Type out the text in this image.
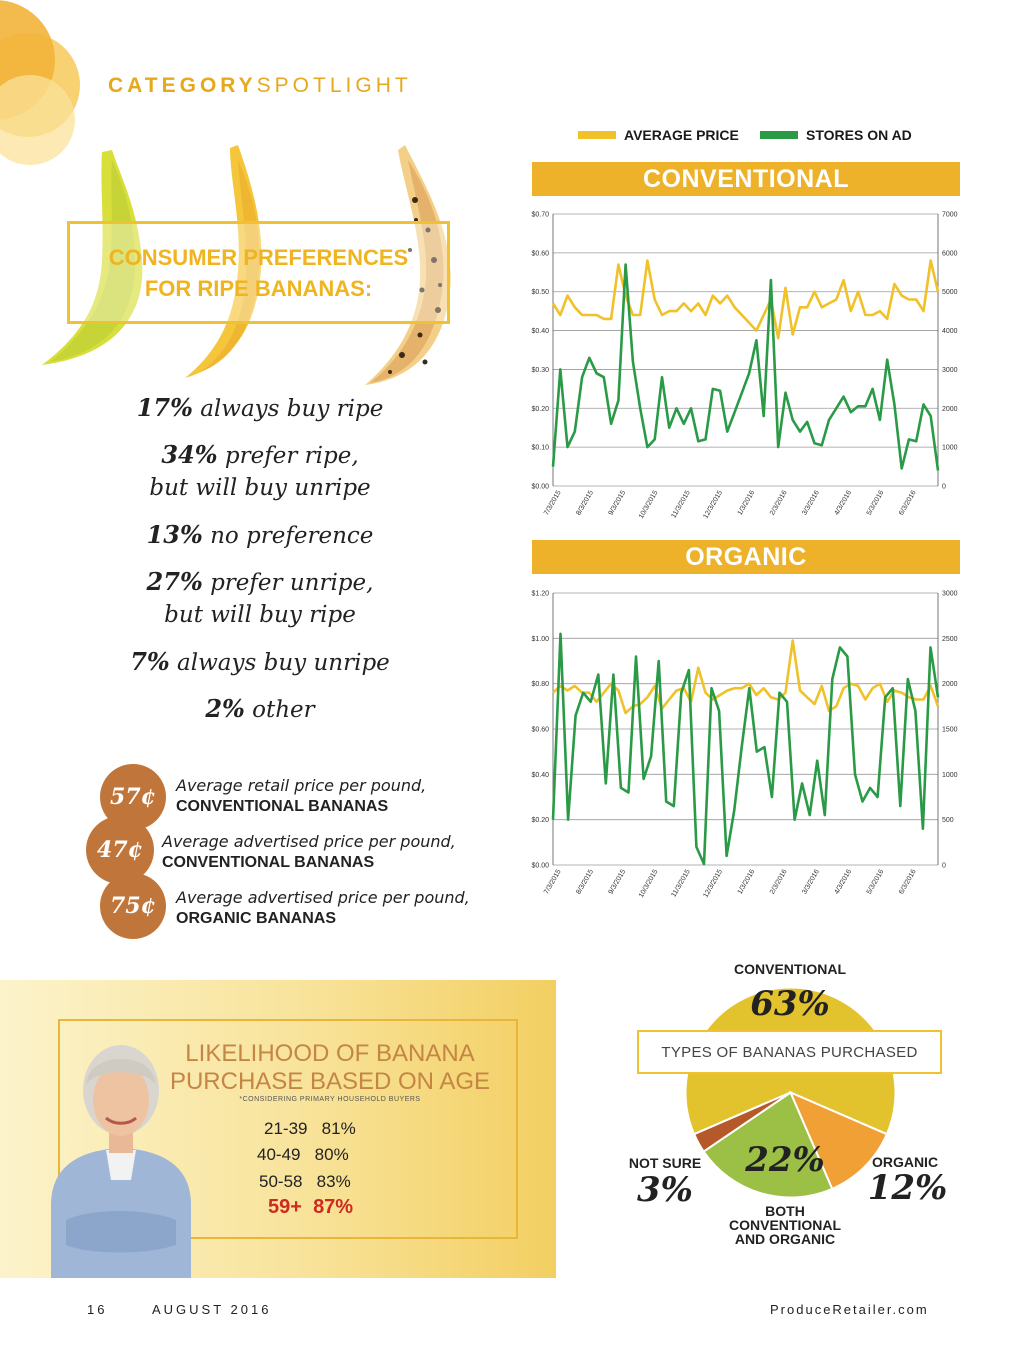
CATEGORYSPOTLIGHT
CONSUMER PREFERENCES
FOR RIPE BANANAS:
17% always buy ripe
34% prefer ripe,
but will buy unripe
13% no preference
27% prefer unripe,
but will buy ripe
7% always buy unripe
2% other
57¢	Average retail price per pound,
CONVENTIONAL BANANAS
47¢	Average advertised price per pound,
CONVENTIONAL BANANAS
75¢	Average advertised price per pound,
ORGANIC BANANAS
AVERAGE PRICE	STORES ON AD
CONVENTIONAL
ORGANIC
$0.00	0
$0.10	1000
$0.20	2000
$0.30	3000
$0.40	4000
$0.50	5000
$0.60	6000
$0.70	7000
7/3/2015 8/3/2015 9/3/2015 10/3/2015 11/3/2015 12/3/2015 1/3/2016 2/3/2016 3/3/2016 4/3/2016 5/3/2016 6/3/2016
$0.00	0
$0.20	500
$0.40	1000
$0.60	1500
$0.80	2000
$1.00	2500
$1.20	3000
7/3/2015 8/3/2015 9/3/2015 10/3/2015 11/3/2015 12/3/2015 1/3/2016 2/3/2016 3/3/2016 4/3/2016 5/3/2016 6/3/2016
LIKELIHOOD OF BANANA
PURCHASE BASED ON AGE
*CONSIDERING PRIMARY HOUSEHOLD BUYERS
21-39 81%
40-49 80%
50-58 83%
59+ 87%
CONVENTIONAL
63%
TYPES OF BANANAS PURCHASED
22%
NOT SURE
3%
ORGANIC
12%
BOTH
CONVENTIONAL
AND ORGANIC
16	AUGUST 2016	ProduceRetailer.com
